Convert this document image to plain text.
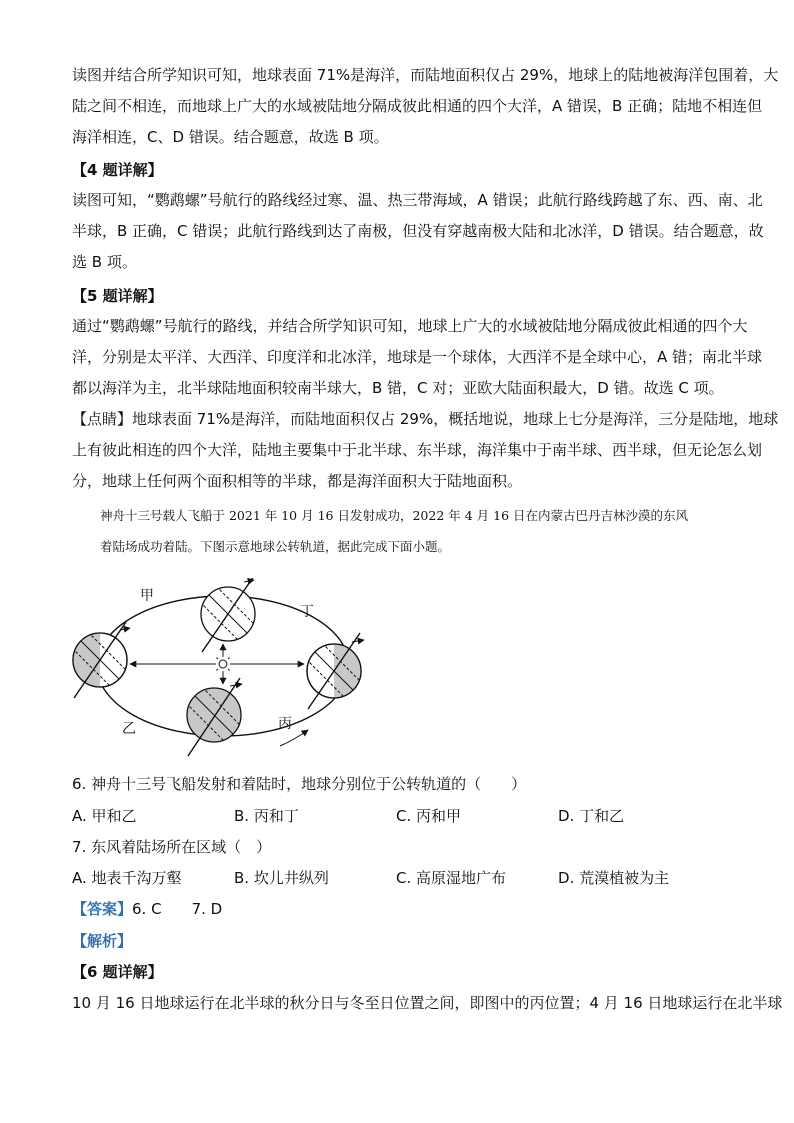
读图并结合所学知识可知，地球表面 71%是海洋，而陆地面积仅占 29%，地球上的陆地被海洋包围着，大
陆之间不相连，而地球上广大的水域被陆地分隔成彼此相通的四个大洋，A 错误，B 正确；陆地不相连但
海洋相连，C、D 错误。结合题意，故选 B 项。

【4 题详解】

读图可知，“鹦鹉螺”号航行的路线经过寒、温、热三带海域，A 错误；此航行路线跨越了东、西、南、北
半球，B 正确，C 错误；此航行路线到达了南极，但没有穿越南极大陆和北冰洋，D 错误。结合题意，故
选 B 项。

【5 题详解】

通过“鹦鹉螺”号航行的路线，并结合所学知识可知，地球上广大的水域被陆地分隔成彼此相通的四个大
洋，分别是太平洋、大西洋、印度洋和北冰洋，地球是一个球体，大西洋不是全球中心，A 错；南北半球
都以海洋为主，北半球陆地面积较南半球大，B 错，C 对；亚欧大陆面积最大，D 错。故选 C 项。

【点睛】地球表面 71%是海洋，而陆地面积仅占 29%，概括地说，地球上七分是海洋，三分是陆地，地球
上有彼此相连的四个大洋，陆地主要集中于北半球、东半球，海洋集中于南半球、西半球，但无论怎么划
分，地球上任何两个面积相等的半球，都是海洋面积大于陆地面积。

神舟十三号载人飞船于 2021 年 10 月 16 日发射成功，2022 年 4 月 16 日在内蒙古巴丹吉林沙漠的东风
着陆场成功着陆。下图示意地球公转轨道，据此完成下面小题。

甲
丁
乙	丙
6. 神舟十三号飞船发射和着陆时，地球分别位于公转轨道的（　　）
A. 甲和乙	B. 丙和丁	C. 丙和甲	D. 丁和乙
7. 东风着陆场所在区域（　）
A. 地表千沟万壑	B. 坎儿井纵列	C. 高原湿地广布	D. 荒漠植被为主
【答案】6. C　　7. D
【解析】
【6 题详解】

10 月 16 日地球运行在北半球的秋分日与冬至日位置之间，即图中的丙位置；4 月 16 日地球运行在北半球
